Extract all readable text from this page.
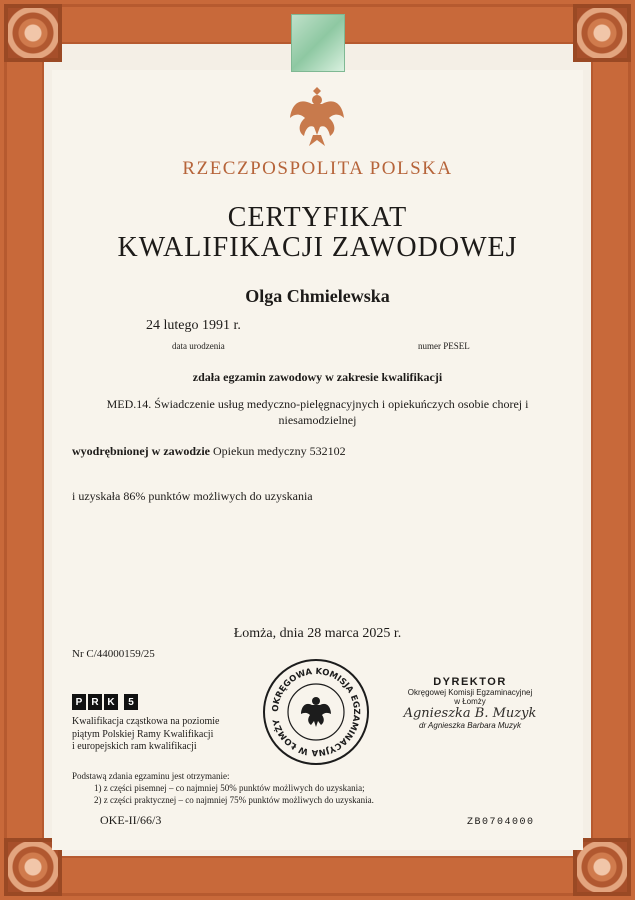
RZECZPOSPOLITA POLSKA
CERTYFIKAT
KWALIFIKACJI ZAWODOWEJ
Olga Chmielewska
24 lutego 1991 r.
data urodzenia	numer PESEL
zdała egzamin zawodowy w zakresie kwalifikacji
MED.14. Świadczenie usług medyczno-pielęgnacyjnych i opiekuńczych osobie chorej i niesamodzielnej
wyodrębnionej w zawodzie Opiekun medyczny 532102
i uzyskała 86% punktów możliwych do uzyskania
Łomża, dnia 28 marca 2025 r.
Nr C/44000159/25
OKRĘGOWA KOMISJA EGZAMINACYJNA W ŁOMŻY
DYREKTOR
Okręgowej Komisji Egzaminacyjnej
w Łomży
Agnieszka B. Muzyk
dr Agnieszka Barbara Muzyk
P R K	5
Kwalifikacja cząstkowa na poziomie
piątym Polskiej Ramy Kwalifikacji
i europejskich ram kwalifikacji
Podstawą zdania egzaminu jest otrzymanie:
1) z części pisemnej – co najmniej 50% punktów możliwych do uzyskania;
2) z części praktycznej – co najmniej 75% punktów możliwych do uzyskania.
OKE-II/66/3	ZB0704000
